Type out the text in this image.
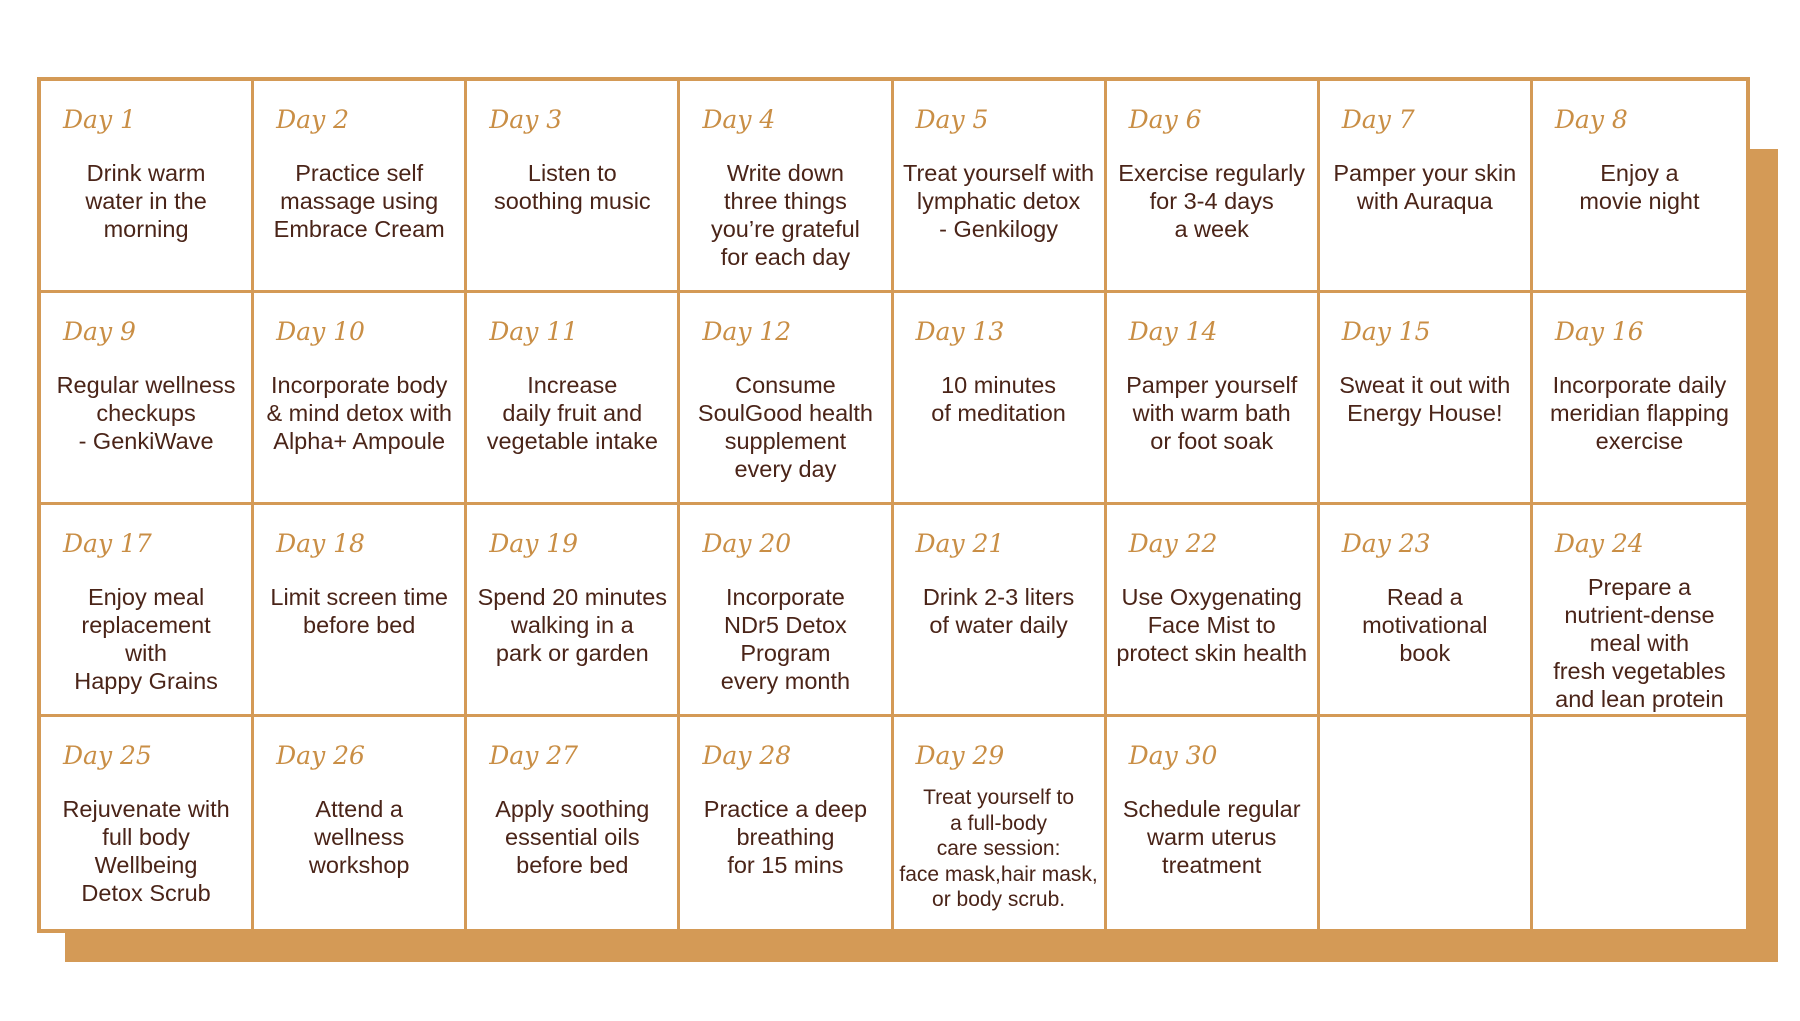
Day 1
Drink warm
water in the
morning
Day 2
Practice self
massage using
Embrace Cream
Day 3
Listen to
soothing music
Day 4
Write down
three things
you’re grateful
for each day
Day 5
Treat yourself with
lymphatic detox
- Genkilogy
Day 6
Exercise regularly
for 3-4 days
a week
Day 7
Pamper your skin
with Auraqua
Day 8
Enjoy a
movie night
Day 9
Regular wellness
checkups
- GenkiWave
Day 10
Incorporate body
& mind detox with
Alpha+ Ampoule
Day 11
Increase
daily fruit and
vegetable intake
Day 12
Consume
SoulGood health
supplement
every day
Day 13
10 minutes
of meditation
Day 14
Pamper yourself
with warm bath
or foot soak
Day 15
Sweat it out with
Energy House!
Day 16
Incorporate daily
meridian flapping
exercise
Day 17
Enjoy meal
replacement
with
Happy Grains
Day 18
Limit screen time
before bed
Day 19
Spend 20 minutes
walking in a
park or garden
Day 20
Incorporate
NDr5 Detox
Program
every month
Day 21
Drink 2-3 liters
of water daily
Day 22
Use Oxygenating
Face Mist to
protect skin health
Day 23
Read a
motivational
book
Day 24
Prepare a
nutrient-dense
meal with
fresh vegetables
and lean protein
Day 25
Rejuvenate with
full body
Wellbeing
Detox Scrub
Day 26
Attend a
wellness
workshop
Day 27
Apply soothing
essential oils
before bed
Day 28
Practice a deep
breathing
for 15 mins
Day 29
Treat yourself to
a full-body
care session:
face mask,hair mask,
or body scrub.
Day 30
Schedule regular
warm uterus
treatment
